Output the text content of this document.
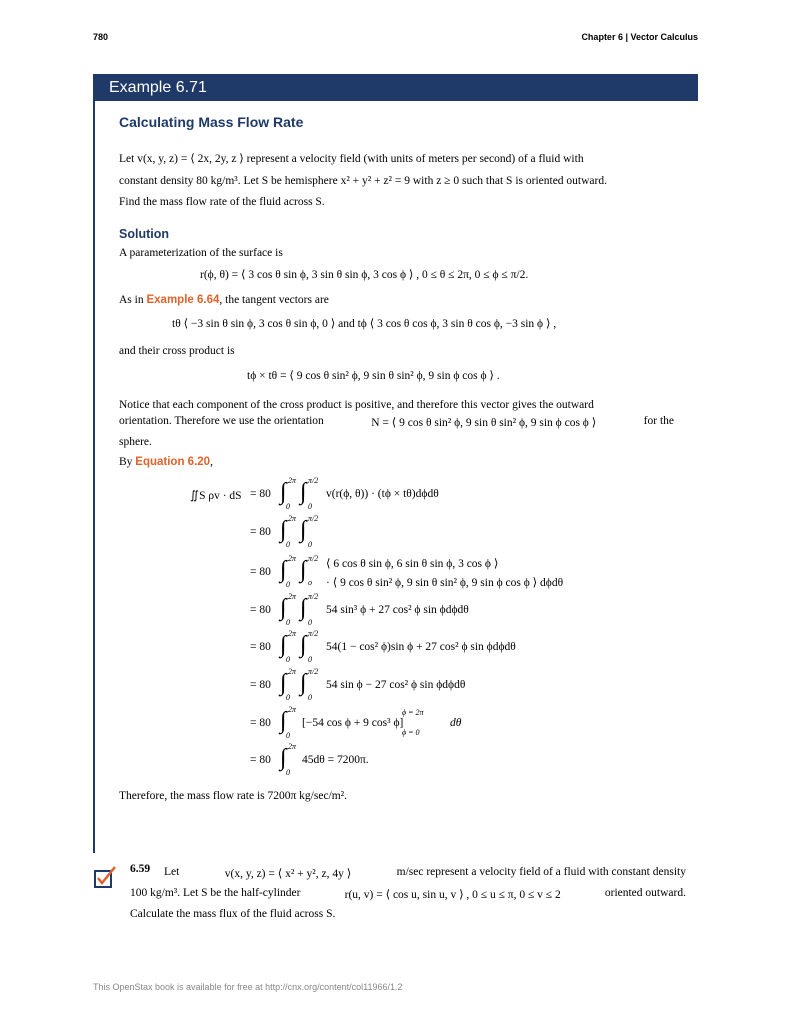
780	Chapter 6 | Vector Calculus
Example 6.71
Calculating Mass Flow Rate
Let v(x, y, z) = ⟨ 2x, 2y, z ⟩ represent a velocity field (with units of meters per second) of a fluid with
constant density 80 kg/m³. Let S be hemisphere x² + y² + z² = 9 with z ≥ 0 such that S is oriented outward.
Find the mass flow rate of the fluid across S.
Solution
A parameterization of the surface is
r(ϕ, θ) = ⟨ 3 cos θ sin ϕ, 3 sin θ sin ϕ, 3 cos ϕ ⟩ , 0 ≤ θ ≤ 2π, 0 ≤ ϕ ≤ π/2.
As in Example 6.64, the tangent vectors are
tθ ⟨ −3 sin θ sin ϕ, 3 cos θ sin ϕ, 0 ⟩ and tϕ ⟨ 3 cos θ cos ϕ, 3 sin θ cos ϕ, −3 sin ϕ ⟩ ,
and their cross product is
tϕ × tθ = ⟨ 9 cos θ sin² ϕ, 9 sin θ sin² ϕ, 9 sin ϕ cos ϕ ⟩ .
Notice that each component of the cross product is positive, and therefore this vector gives the outward
orientation. Therefore we use the orientation	N = ⟨ 9 cos θ sin² ϕ, 9 sin θ sin² ϕ, 9 sin ϕ cos ϕ ⟩	for the
sphere.
By Equation 6.20,
∬S ρv · dS = 80 ∫ 2π
0
∫ π/2
0
v(r(ϕ, θ)) · (tϕ × tθ)dϕdθ
= 80 ∫ 2π
0
∫ π/2
0
= 80 ∫ 2π
0
∫ π/2
o
⟨ 6 cos θ sin ϕ, 6 sin θ sin ϕ, 3 cos ϕ ⟩
· ⟨ 9 cos θ sin² ϕ, 9 sin θ sin² ϕ, 9 sin ϕ cos ϕ ⟩ dϕdθ
= 80 ∫ 2π
0
∫ π/2
0
54 sin³ ϕ + 27 cos² ϕ sin ϕdϕdθ
= 80 ∫ 2π
0
∫ π/2
0
54(1 − cos² ϕ)sin ϕ + 27 cos² ϕ sin ϕdϕdθ
= 80 ∫ 2π
0
∫ π/2
0
54 sin ϕ − 27 cos² ϕ sin ϕdϕdθ
= 80 ∫ 2π
0
[−54 cos ϕ + 9 cos³ ϕ]
ϕ = 2π
ϕ = 0
dθ
= 80 ∫ 2π
0
45dθ = 7200π.
Therefore, the mass flow rate is 7200π kg/sec/m².
6.59 Let	v(x, y, z) = ⟨ x² + y², z, 4y ⟩	m/sec represent a velocity field of a fluid with constant density
100 kg/m³. Let S be the half-cylinder	r(u, v) = ⟨ cos u, sin u, v ⟩ , 0 ≤ u ≤ π, 0 ≤ v ≤ 2	oriented outward.
Calculate the mass flux of the fluid across S.
This OpenStax book is available for free at http://cnx.org/content/col11966/1.2
